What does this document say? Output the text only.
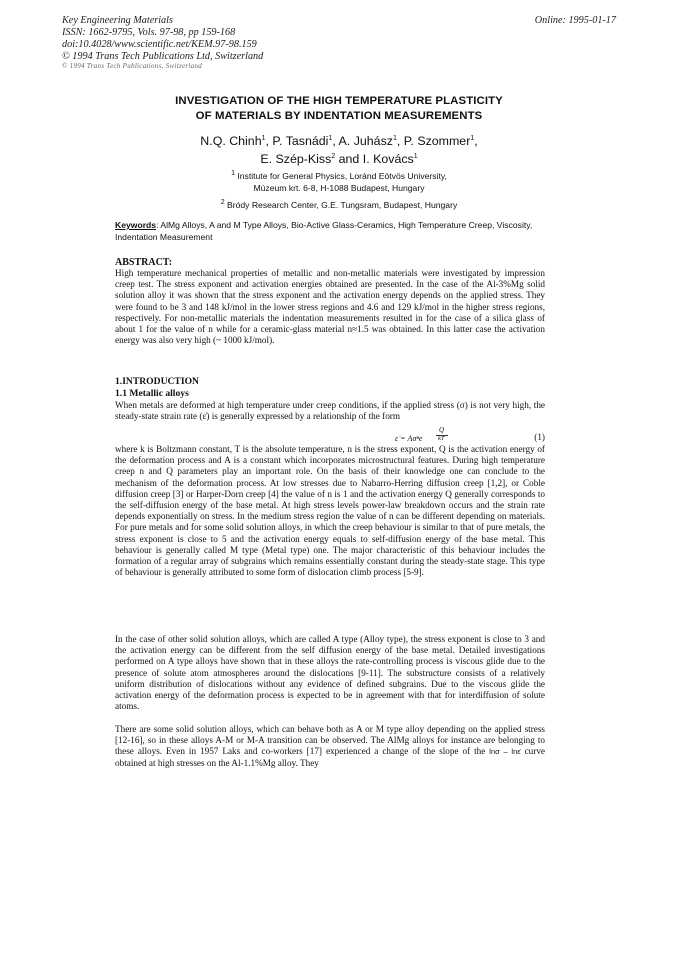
Key Engineering Materials
ISSN: 1662-9795, Vols. 97-98, pp 159-168
doi:10.4028/www.scientific.net/KEM.97-98.159
© 1994 Trans Tech Publications Ltd, Switzerland
Online: 1995-01-17
© 1994 Trans Tech Publications, Switzerland
INVESTIGATION OF THE HIGH TEMPERATURE PLASTICITY
OF MATERIALS BY INDENTATION MEASUREMENTS
N.Q. Chinh$^1$, P. Tasnádi$^1$, A. Juhász$^1$, P. Szommer$^1$,
E. Szép-Kiss$^2$ and I. Kovács$^1$
$^1$ Institute for General Physics, Loránd Eötvös University,
Múzeum krt. 6-8, H-1088 Budapest, Hungary
$^2$ Bródy Research Center, G.E. Tungsram, Budapest, Hungary
Keywords: AlMg Alloys, A and M Type Alloys, Bio-Active Glass-Ceramics, High Temperature Creep, Viscosity, Indentation Measurement
ABSTRACT:
High temperature mechanical properties of metallic and non-metallic materials were investigated by impression creep test. The stress exponent and activation energies obtained are presented. In the case of the Al-3%Mg solid solution alloy it was shown that the stress exponent and the activation energy depends on the applied stress. They were found to be 3 and 148 kJ/mol in the lower stress regions and 4.6 and 129 kJ/mol in the higher stress regions, respectively. For non-metallic materials the indentation measurements resulted in for the case of a silica glass of about 1 for the value of n while for a ceramic-glass material n≈1.5 was obtained. In this latter case the activation energy was also very high (~ 1000 kJ/mol).
1.INTRODUCTION
1.1 Metallic alloys
When metals are deformed at high temperature under creep conditions, if the applied stress (σ) is not very high, the steady-state strain rate (ε̇) is generally expressed by a relationship of the form
Q
ε̇ = Aσⁿe kT	(1)
where k is Boltzmann constant, T is the absolute temperature, n is the stress exponent, Q is the activation energy of the deformation process and A is a constant which incorporates microstructural features. During high temperature creep n and Q parameters play an important role. On the basis of their knowledge one can conclude to the mechanism of the deformation process. At low stresses due to Nabarro-Herring diffusion creep [1,2], or Coble diffusion creep [3] or Harper-Dorn creep [4] the value of n is 1 and the activation energy Q generally corresponds to the self-diffusion energy of the base metal. At high stress levels power-law breakdown occurs and the strain rate depends exponentially on stress. In the medium stress region the value of n can be different depending on materials. For pure metals and for some solid solution alloys, in which the creep behaviour is similar to that of pure metals, the stress exponent is close to 5 and the activation energy equals to self-diffusion energy of the base metal. This behaviour is generally called M type (Metal type) one. The major characteristic of this behaviour includes the formation of a regular array of subgrains which remains essentially constant during the steady-state stage. This type of behaviour is generally attributed to some form of dislocation climb process [5-9].
In the case of other solid solution alloys, which are called A type (Alloy type), the stress exponent is close to 3 and the activation energy can be different from the self diffusion energy of the base metal. Detailed investigations performed on A type alloys have shown that in these alloys the rate-controlling process is viscous glide due to the presence of solute atom atmospheres around the dislocations [9-11]. The substructure consists of a relatively uniform distribution of dislocations without any evidence of defined subgrains. Due to the viscous glide the activation energy of the deformation process is expected to be in agreement with that for interdiffusion of solute atoms.
There are some solid solution alloys, which can behave both as A or M type alloy depending on the applied stress [12-16], so in these alloys A-M or M-A transition can be observed. The AlMg alloys for instance are belonging to these alloys. Even in 1957 Laks and co-workers [17] experienced a change of the slope of the lnσ – lnε̇ curve obtained at high stresses on the Al-1.1%Mg alloy. They
